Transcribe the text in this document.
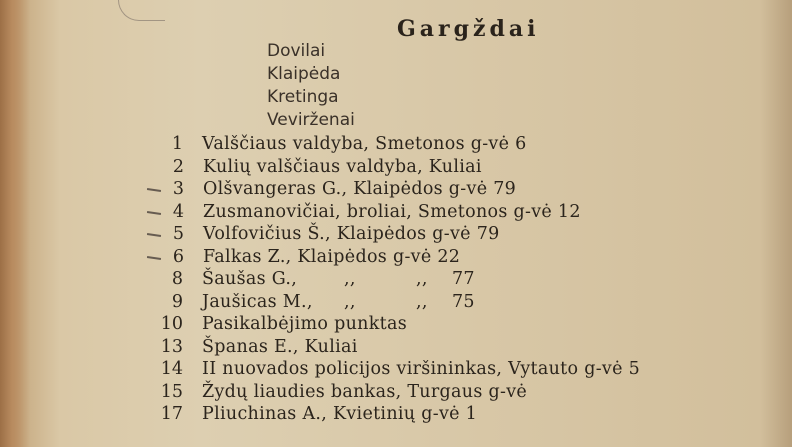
Gargždai
Dovilai
Klaipėda
Kretinga
Vevirženai
1 Valščiaus valdyba, Smetonos g-vė 6
2 Kulių valščiaus valdyba, Kuliai
3 Olšvangeras G., Klaipėdos g-vė 79
4 Zusmanovičiai, broliai, Smetonos g-vė 12
5 Volfovičius Š., Klaipėdos g-vė 79
6 Falkas Z., Klaipėdos g-vė 22
8 Šaušas G.,	,,	,, 77
9 Jaušicas M., ,,	,, 75
10 Pasikalbėjimo punktas
13 Španas E., Kuliai
14 II nuovados policijos viršininkas, Vytauto g-vė 5
15 Žydų liaudies bankas, Turgaus g-vė
17 Pliuchinas A., Kvietinių g-vė 1
